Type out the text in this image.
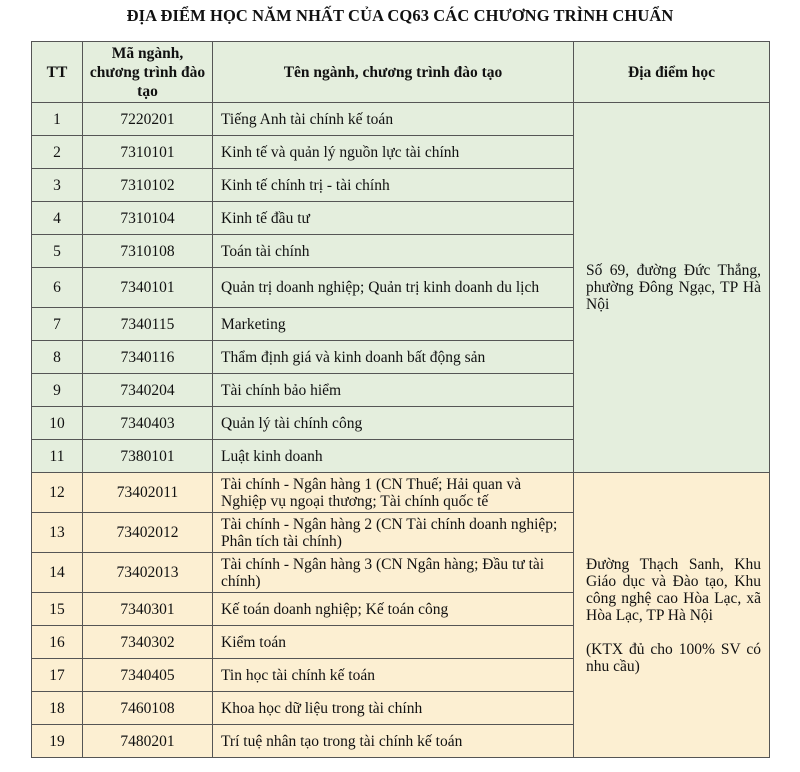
ĐỊA ĐIỂM HỌC NĂM NHẤT CỦA CQ63 CÁC CHƯƠNG TRÌNH CHUẨN
TT	Mã ngành, chương trình đào tạo	Tên ngành, chương trình đào tạo	Địa điểm học
1	7220201	Tiếng Anh tài chính kế toán	Số 69, đường Đức Thắng, phường Đông Ngạc, TP Hà Nội

2	7310101	Kinh tế và quản lý nguồn lực tài chính	
3	7310102	Kinh tế chính trị - tài chính	
4	7310104	Kinh tế đầu tư	
5	7310108	Toán tài chính	
6	7340101	Quản trị doanh nghiệp; Quản trị kinh doanh du lịch	
7	7340115	Marketing	
8	7340116	Thẩm định giá và kinh doanh bất động sản	
9	7340204	Tài chính bảo hiểm	
10	7340403	Quản lý tài chính công	
11	7380101	Luật kinh doanh	
12	73402011	Tài chính - Ngân hàng 1 (CN Thuế; Hải quan và Nghiệp vụ ngoại thương; Tài chính quốc tế	Đường Thạch Sanh, Khu Giáo dục và Đào tạo, Khu công nghệ cao Hòa Lạc, xã Hòa Lạc, TP Hà Nội
(KTX đủ cho 100% SV có nhu cầu)

13	73402012	Tài chính - Ngân hàng 2 (CN Tài chính doanh nghiệp; Phân tích tài chính)	
14	73402013	Tài chính - Ngân hàng 3 (CN Ngân hàng; Đầu tư tài chính)	
15	7340301	Kế toán doanh nghiệp; Kế toán công	
16	7340302	Kiểm toán	
17	7340405	Tin học tài chính kế toán	
18	7460108	Khoa học dữ liệu trong tài chính	
19	7480201	Trí tuệ nhân tạo trong tài chính kế toán	
